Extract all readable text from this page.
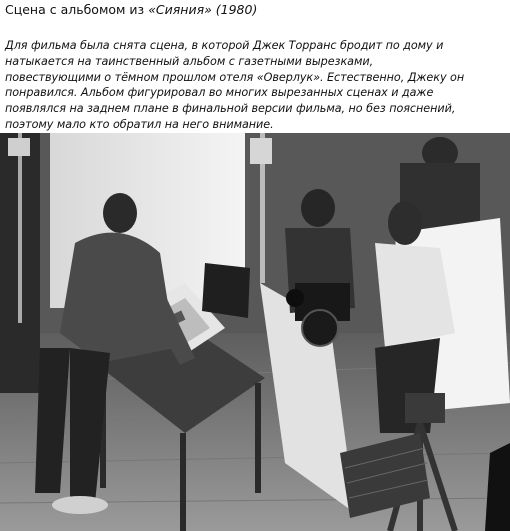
Сцена с альбомом из «Сияния» (1980)
Для фильма была снята сцена, в которой Джек Торранс бродит по дому и
натыкается на таинственный альбом с газетными вырезками,
повествующими о тёмном прошлом отеля «Оверлук». Естественно, Джеку он
понравился. Альбом фигурировал во многих вырезанных сценах и даже
появлялся на заднем плане в финальной версии фильма, но без пояснений,
поэтому мало кто обратил на него внимание.
